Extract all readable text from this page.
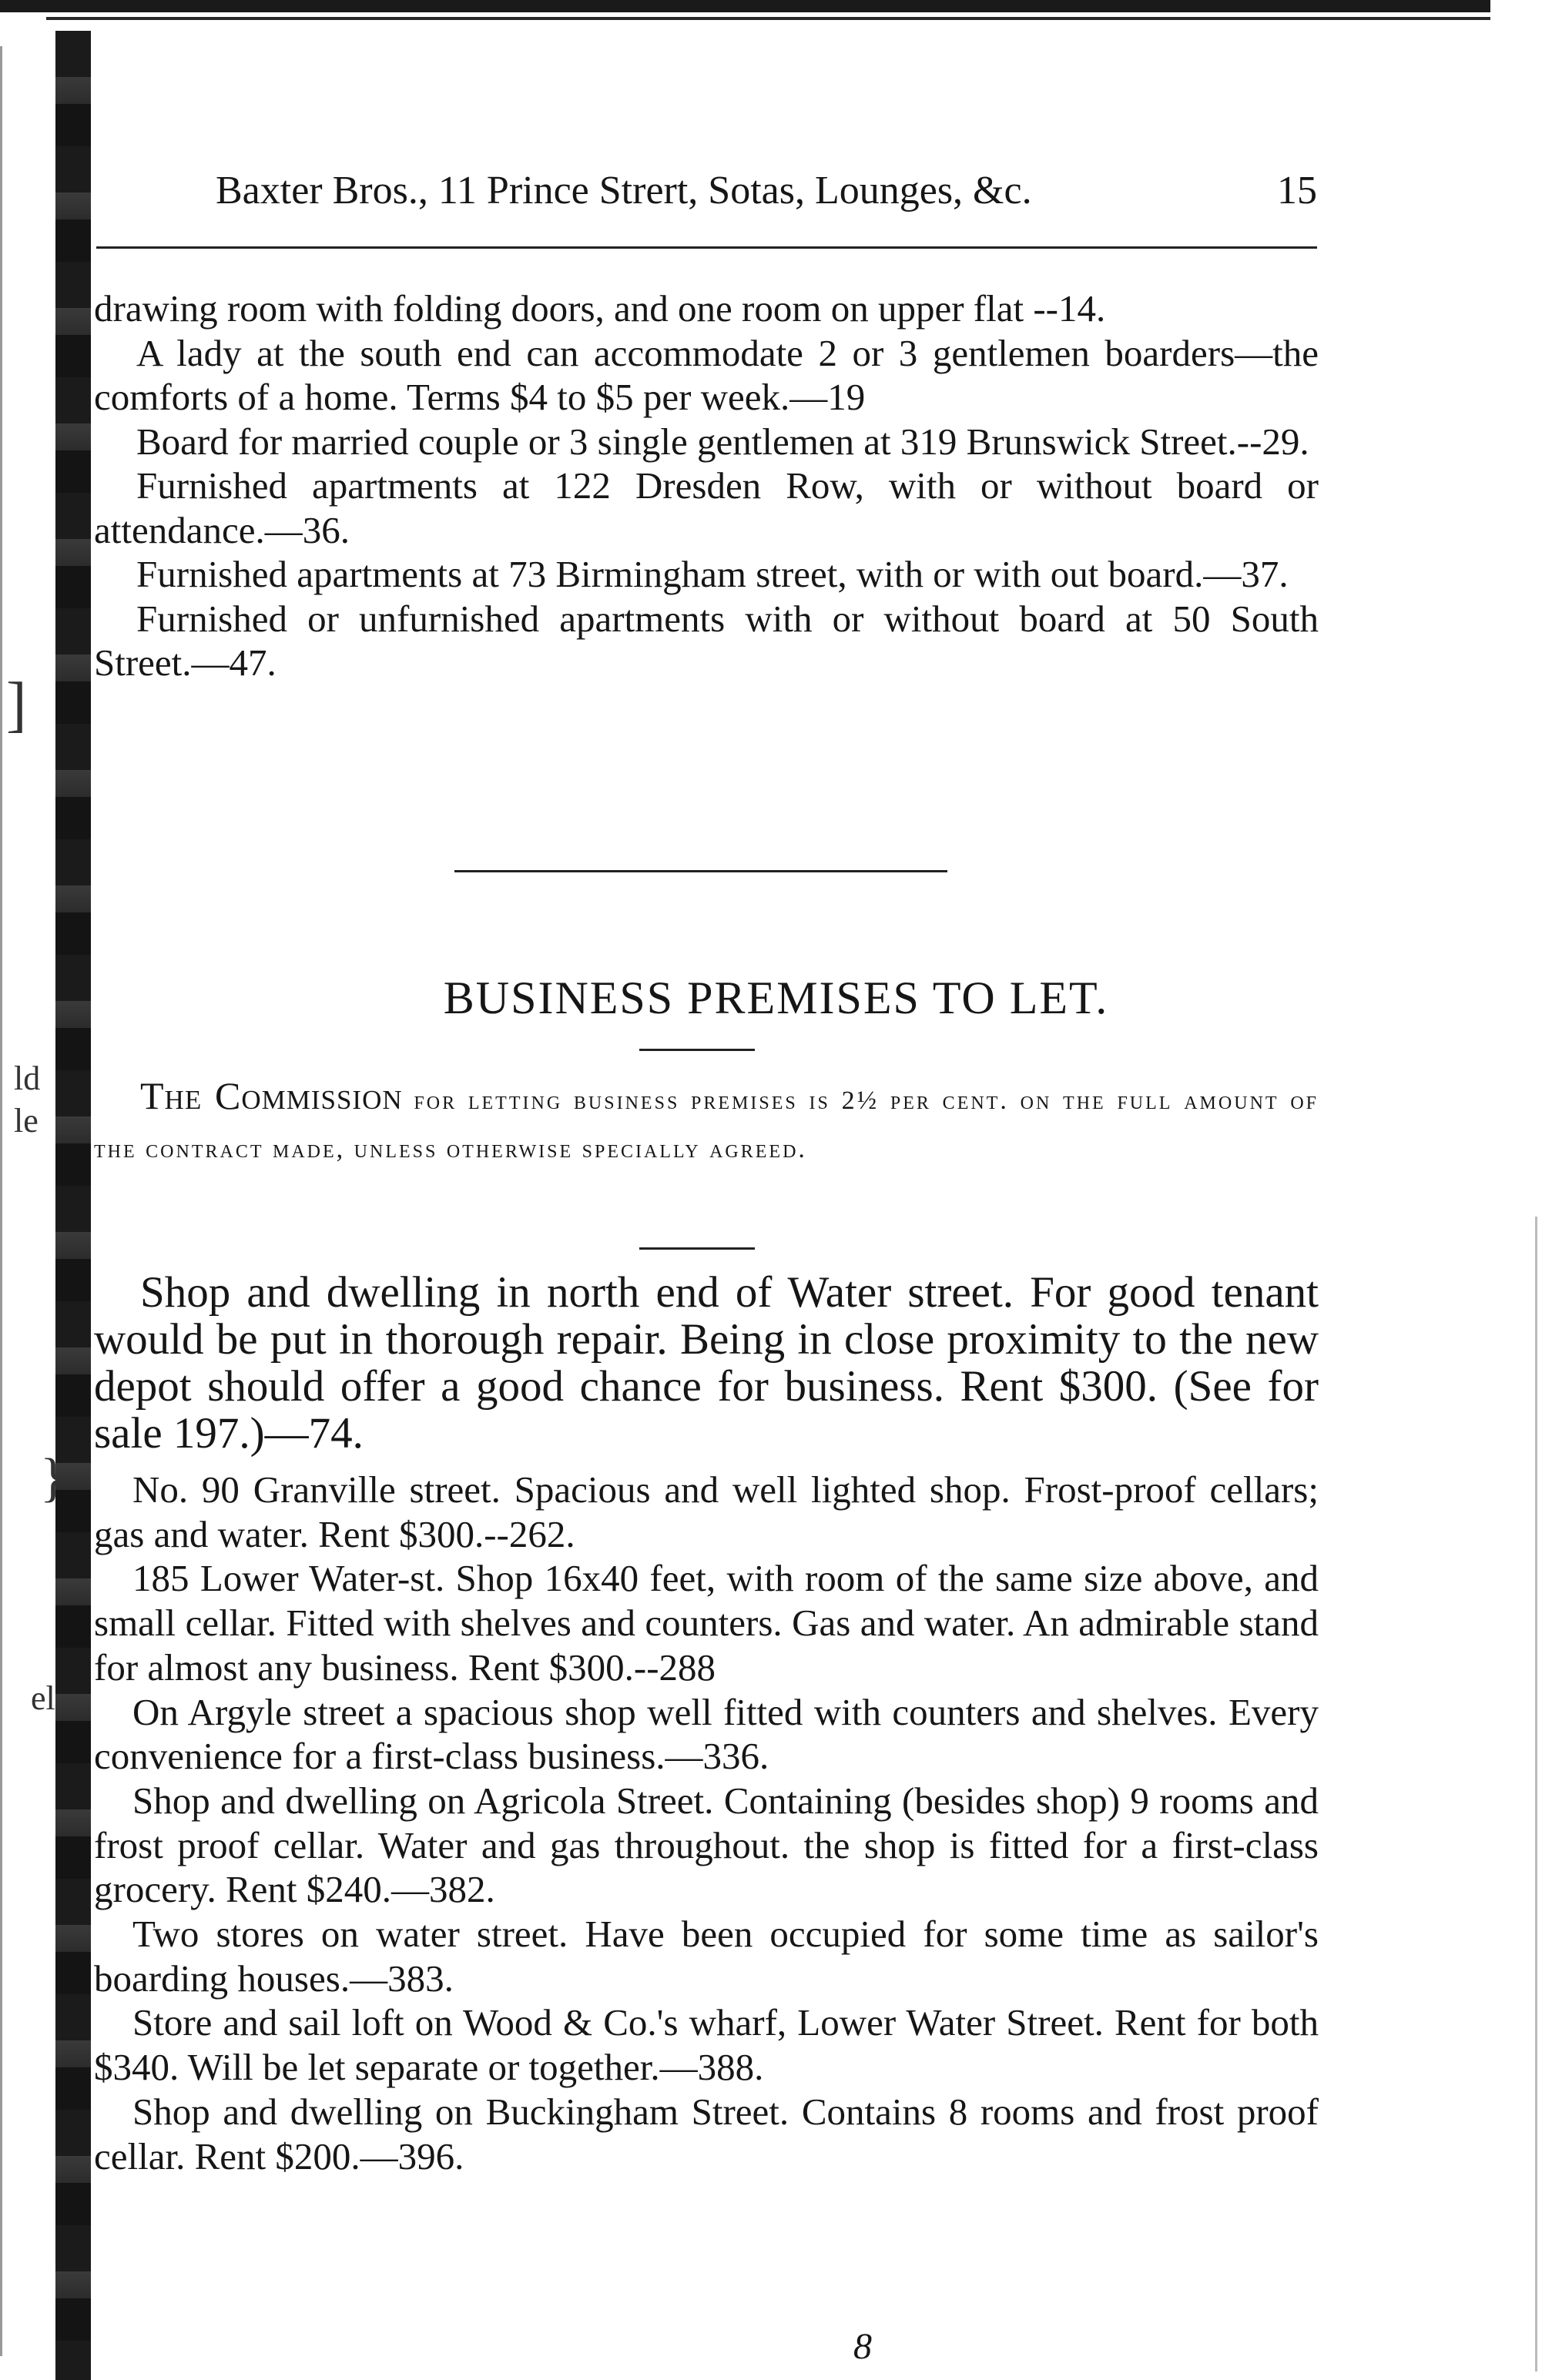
]
ld
le
el
}
Baxter Bros., 11 Prince Strert, Sotas, Lounges, &c.	15

drawing room with folding doors, and one room on upper flat --14.

A lady at the south end can accommodate 2 or 3 gentlemen boarders—the comforts of a home. Terms $4 to $5 per week.—19

Board for married couple or 3 single gentlemen at 319 Brunswick Street.--29.

Furnished apartments at 122 Dresden Row, with or without board or attendance.—36.

Furnished apartments at 73 Birmingham street, with or with out board.—37.

Furnished or unfurnished apartments with or without board at 50 South Street.—47.

BUSINESS PREMISES TO LET.

The Commission for letting business premises is 2½ per cent. on the full amount of the contract made, unless otherwise specially agreed.

Shop and dwelling in north end of Water street. For good tenant would be put in thorough repair. Being in close proximity to the new depot should offer a good chance for business. Rent $300. (See for sale 197.)—74.

No. 90 Granville street. Spacious and well lighted shop. Frost-proof cellars; gas and water. Rent $300.--262.

185 Lower Water-st. Shop 16x40 feet, with room of the same size above, and small cellar. Fitted with shelves and counters. Gas and water. An admirable stand for almost any business. Rent $300.--288

On Argyle street a spacious shop well fitted with counters and shelves. Every convenience for a first-class business.—336.

Shop and dwelling on Agricola Street. Containing (besides shop) 9 rooms and frost proof cellar. Water and gas throughout. the shop is fitted for a first-class grocery. Rent $240.—382.

Two stores on water street. Have been occupied for some time as sailor's boarding houses.—383.

Store and sail loft on Wood & Co.'s wharf, Lower Water Street. Rent for both $340. Will be let separate or together.—388.

Shop and dwelling on Buckingham Street. Contains 8 rooms and frost proof cellar. Rent $200.—396.

8
